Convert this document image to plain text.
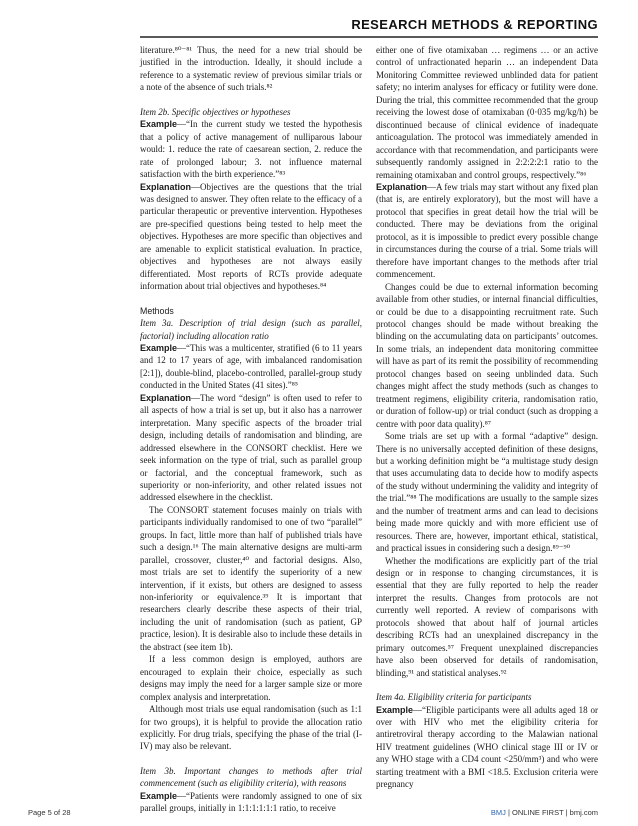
RESEARCH METHODS & REPORTING

literature.⁸⁰⁻⁸¹ Thus, the need for a new trial should be justified in the introduction. Ideally, it should include a reference to a systematic review of previous similar trials or a note of the absence of such trials.⁸²

Item 2b. Specific objectives or hypotheses

Example—“In the current study we tested the hypothesis that a policy of active management of nulliparous labour would: 1. reduce the rate of caesarean section, 2. reduce the rate of prolonged labour; 3. not influence maternal satisfaction with the birth experience.”⁸³

Explanation—Objectives are the questions that the trial was designed to answer. They often relate to the efficacy of a particular therapeutic or preventive intervention. Hypotheses are pre-specified questions being tested to help meet the objectives. Hypotheses are more specific than objectives and are amenable to explicit statistical evaluation. In practice, objectives and hypotheses are not always easily differentiated. Most reports of RCTs provide adequate information about trial objectives and hypotheses.⁸⁴

Methods

Item 3a. Description of trial design (such as parallel, factorial) including allocation ratio

Example—“This was a multicenter, stratified (6 to 11 years and 12 to 17 years of age, with imbalanced randomisation [2:1]), double-blind, placebo-controlled, parallel-group study conducted in the United States (41 sites).”⁸⁵

Explanation—The word “design” is often used to refer to all aspects of how a trial is set up, but it also has a narrower interpretation. Many specific aspects of the broader trial design, including details of randomisation and blinding, are addressed elsewhere in the CONSORT checklist. Here we seek information on the type of trial, such as parallel group or factorial, and the conceptual framework, such as superiority or non-inferiority, and other related issues not addressed elsewhere in the checklist.

The CONSORT statement focuses mainly on trials with participants individually randomised to one of two “parallel” groups. In fact, little more than half of published trials have such a design.¹⁶ The main alternative designs are multi-arm parallel, crossover, cluster,⁴⁰ and factorial designs. Also, most trials are set to identify the superiority of a new intervention, if it exists, but others are designed to assess non-inferiority or equivalence.³⁹ It is important that researchers clearly describe these aspects of their trial, including the unit of randomisation (such as patient, GP practice, lesion). It is desirable also to include these details in the abstract (see item 1b).

If a less common design is employed, authors are encouraged to explain their choice, especially as such designs may imply the need for a larger sample size or more complex analysis and interpretation.

Although most trials use equal randomisation (such as 1:1 for two groups), it is helpful to provide the allocation ratio explicitly. For drug trials, specifying the phase of the trial (I-IV) may also be relevant.

Item 3b. Important changes to methods after trial commencement (such as eligibility criteria), with reasons

Example—“Patients were randomly assigned to one of six parallel groups, initially in 1:1:1:1:1:1 ratio, to receive

either one of five otamixaban … regimens … or an active control of unfractionated heparin … an independent Data Monitoring Committee reviewed unblinded data for patient safety; no interim analyses for efficacy or futility were done. During the trial, this committee recommended that the group receiving the lowest dose of otamixaban (0·035 mg/kg/h) be discontinued because of clinical evidence of inadequate anticoagulation. The protocol was immediately amended in accordance with that recommendation, and participants were subsequently randomly assigned in 2:2:2:2:1 ratio to the remaining otamixaban and control groups, respectively.”⁸⁶

Explanation—A few trials may start without any fixed plan (that is, are entirely exploratory), but the most will have a protocol that specifies in great detail how the trial will be conducted. There may be deviations from the original protocol, as it is impossible to predict every possible change in circumstances during the course of a trial. Some trials will therefore have important changes to the methods after trial commencement.

Changes could be due to external information becoming available from other studies, or internal financial difficulties, or could be due to a disappointing recruitment rate. Such protocol changes should be made without breaking the blinding on the accumulating data on participants’ outcomes. In some trials, an independent data monitoring committee will have as part of its remit the possibility of recommending protocol changes based on seeing unblinded data. Such changes might affect the study methods (such as changes to treatment regimens, eligibility criteria, randomisation ratio, or duration of follow-up) or trial conduct (such as dropping a centre with poor data quality).⁸⁷

Some trials are set up with a formal “adaptive” design. There is no universally accepted definition of these designs, but a working definition might be “a multistage study design that uses accumulating data to decide how to modify aspects of the study without undermining the validity and integrity of the trial.”⁸⁸ The modifications are usually to the sample sizes and the number of treatment arms and can lead to decisions being made more quickly and with more efficient use of resources. There are, however, important ethical, statistical, and practical issues in considering such a design.⁸⁹⁻⁹⁰

Whether the modifications are explicitly part of the trial design or in response to changing circumstances, it is essential that they are fully reported to help the reader interpret the results. Changes from protocols are not currently well reported. A review of comparisons with protocols showed that about half of journal articles describing RCTs had an unexplained discrepancy in the primary outcomes.⁵⁷ Frequent unexplained discrepancies have also been observed for details of randomisation, blinding,⁹¹ and statistical analyses.⁹²

Item 4a. Eligibility criteria for participants

Example—“Eligible participants were all adults aged 18 or over with HIV who met the eligibility criteria for antiretroviral therapy according to the Malawian national HIV treatment guidelines (WHO clinical stage III or IV or any WHO stage with a CD4 count <250/mm³) and who were starting treatment with a BMI <18.5. Exclusion criteria were pregnancy

Page 5 of 28	BMJ | ONLINE FIRST | bmj.com
